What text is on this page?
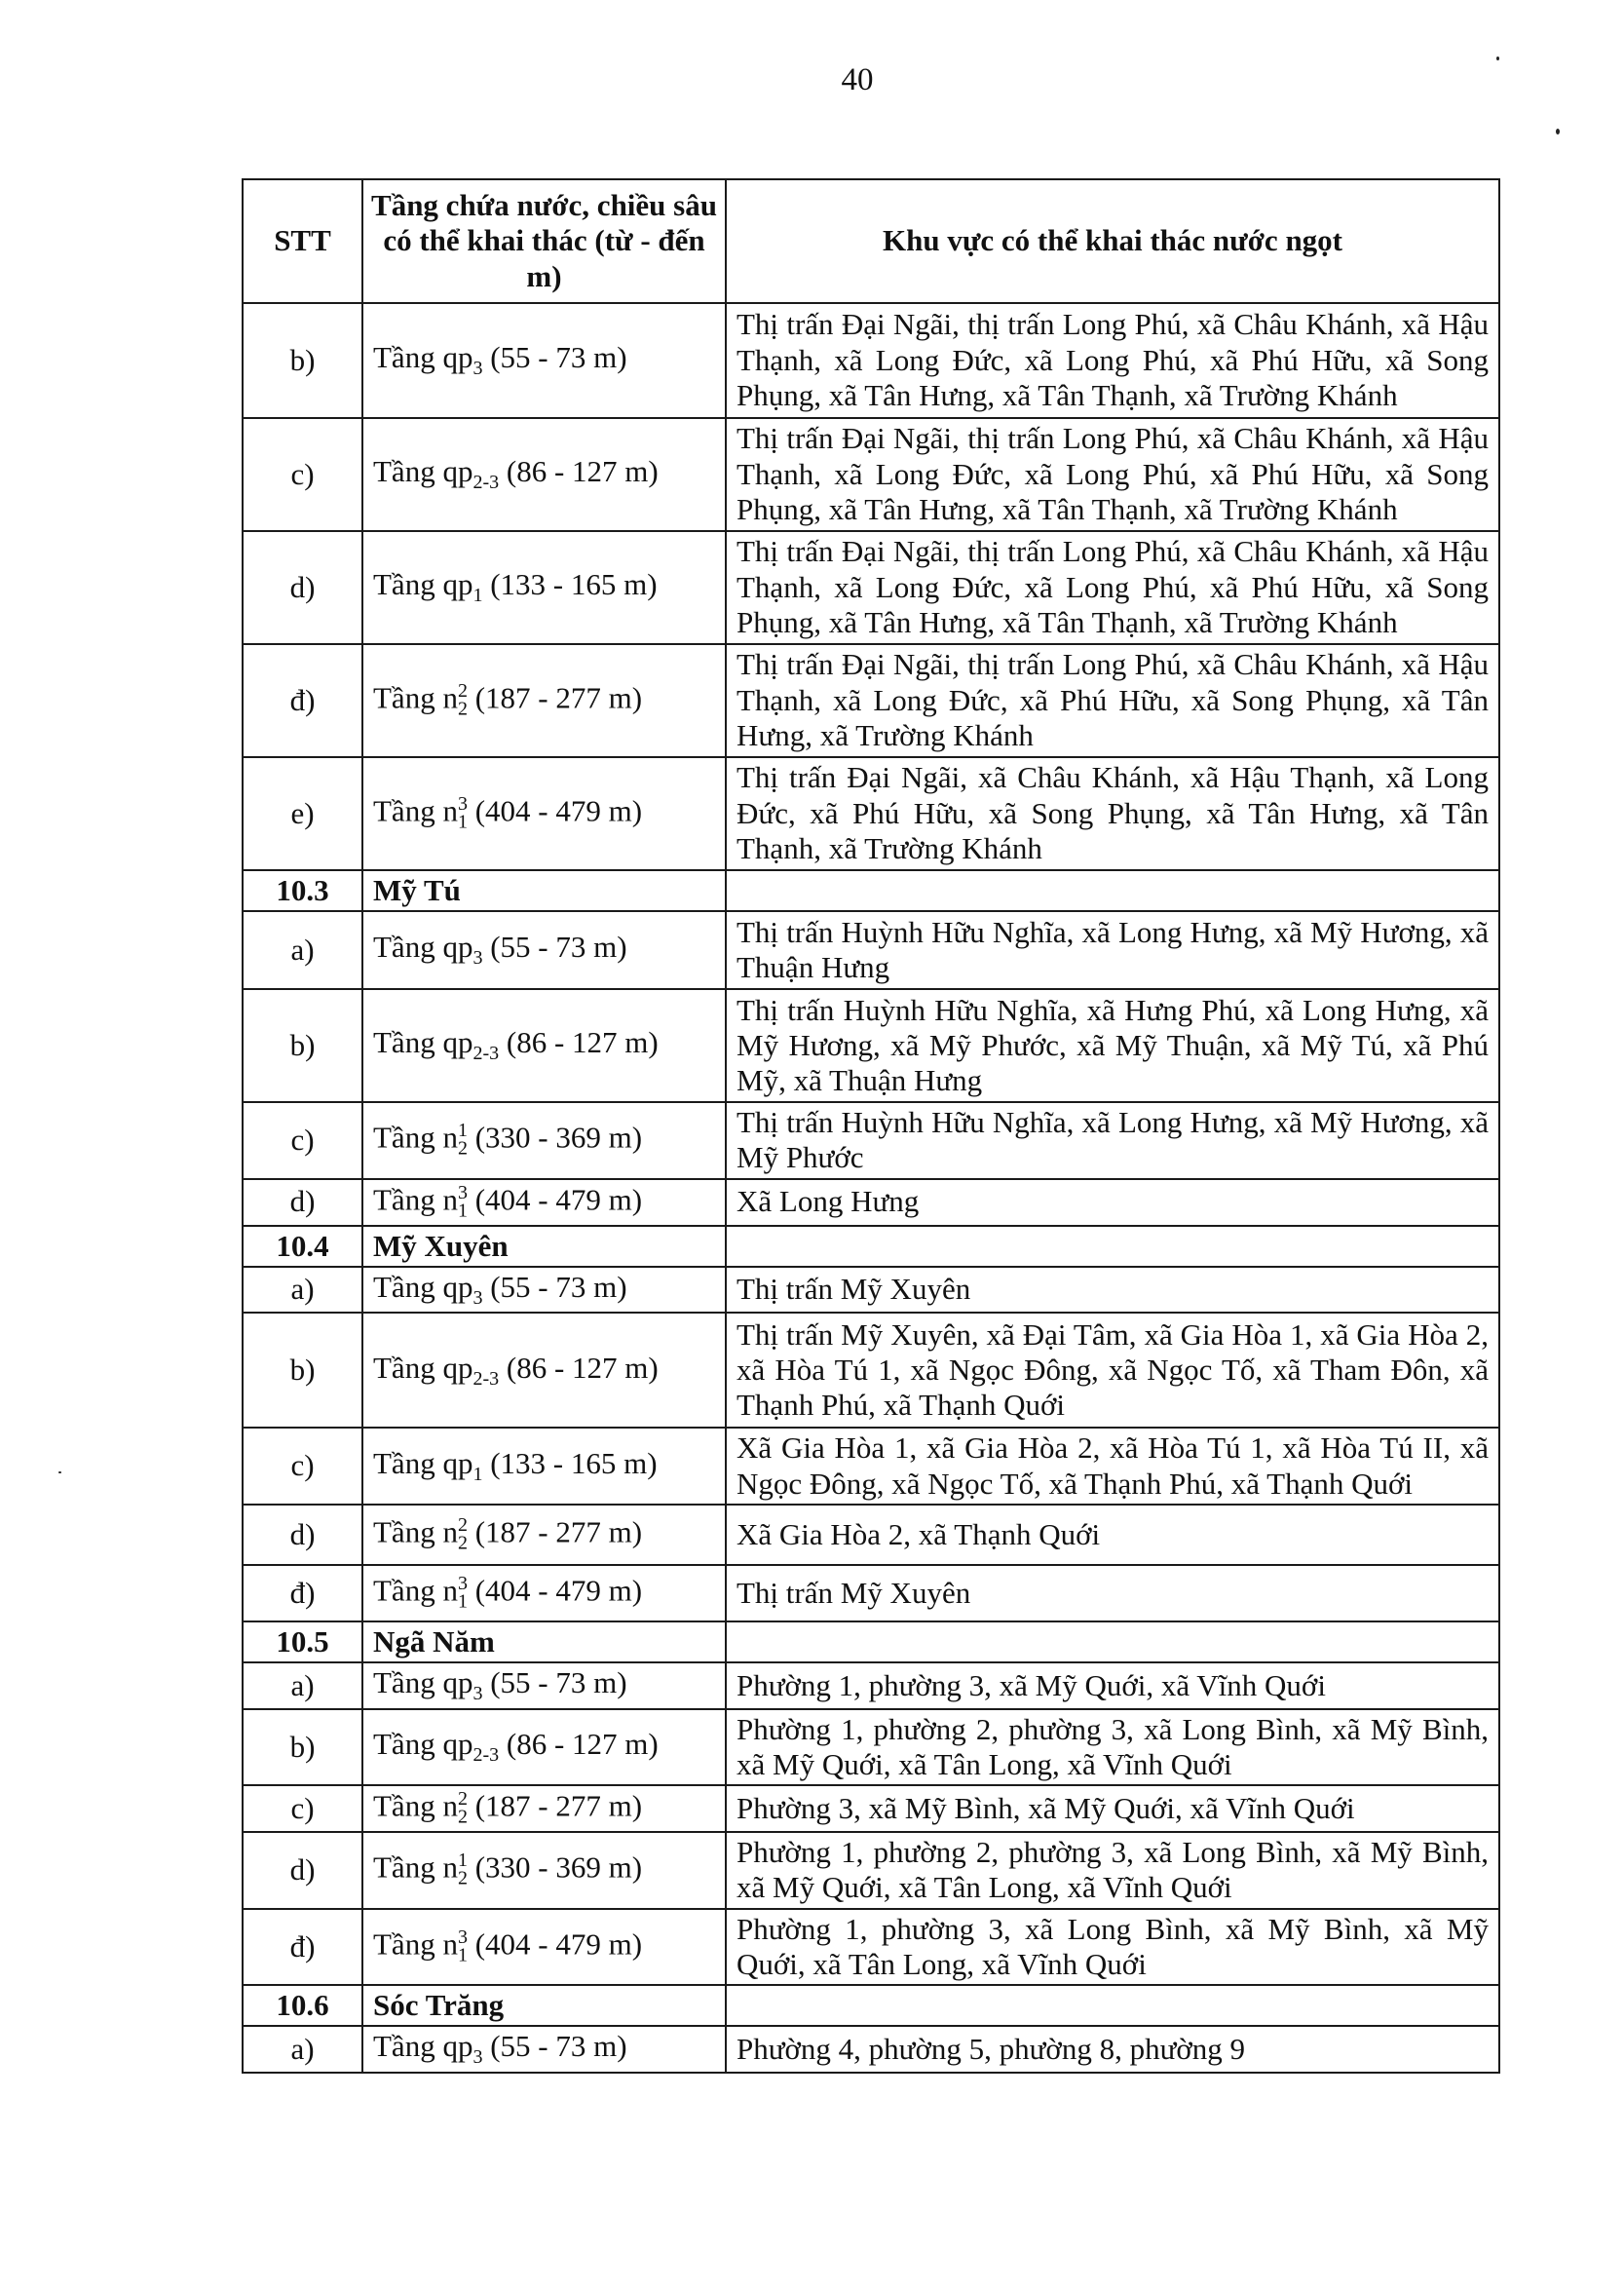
40
STT	Tầng chứa nước, chiều sâu có thể khai thác (từ - đến m)	Khu vực có thể khai thác nước ngọt
b)	Tầng $qp_3$ (55 - 73 m)	Thị trấn Đại Ngãi, thị trấn Long Phú, xã Châu Khánh, xã Hậu Thạnh, xã Long Đức, xã Long Phú, xã Phú Hữu, xã Song Phụng, xã Tân Hưng, xã Tân Thạnh, xã Trường Khánh
c)	Tầng $qp_{2-3}$ (86 - 127 m)	Thị trấn Đại Ngãi, thị trấn Long Phú, xã Châu Khánh, xã Hậu Thạnh, xã Long Đức, xã Long Phú, xã Phú Hữu, xã Song Phụng, xã Tân Hưng, xã Tân Thạnh, xã Trường Khánh
d)	Tầng $qp_1$ (133 - 165 m)	Thị trấn Đại Ngãi, thị trấn Long Phú, xã Châu Khánh, xã Hậu Thạnh, xã Long Đức, xã Long Phú, xã Phú Hữu, xã Song Phụng, xã Tân Hưng, xã Tân Thạnh, xã Trường Khánh
đ)	Tầng $n_2^2$ (187 - 277 m)	Thị trấn Đại Ngãi, thị trấn Long Phú, xã Châu Khánh, xã Hậu Thạnh, xã Long Đức, xã Phú Hữu, xã Song Phụng, xã Tân Hưng, xã Trường Khánh
e)	Tầng $n_1^3$ (404 - 479 m)	Thị trấn Đại Ngãi, xã Châu Khánh, xã Hậu Thạnh, xã Long Đức, xã Phú Hữu, xã Song Phụng, xã Tân Hưng, xã Tân Thạnh, xã Trường Khánh
10.3	Mỹ Tú	
a)	Tầng $qp_3$ (55 - 73 m)	Thị trấn Huỳnh Hữu Nghĩa, xã Long Hưng, xã Mỹ Hương, xã Thuận Hưng
b)	Tầng $qp_{2-3}$ (86 - 127 m)	Thị trấn Huỳnh Hữu Nghĩa, xã Hưng Phú, xã Long Hưng, xã Mỹ Hương, xã Mỹ Phước, xã Mỹ Thuận, xã Mỹ Tú, xã Phú Mỹ, xã Thuận Hưng
c)	Tầng $n_2^1$ (330 - 369 m)	Thị trấn Huỳnh Hữu Nghĩa, xã Long Hưng, xã Mỹ Hương, xã Mỹ Phước
d)	Tầng $n_1^3$ (404 - 479 m)	Xã Long Hưng
10.4	Mỹ Xuyên	
a)	Tầng $qp_3$ (55 - 73 m)	Thị trấn Mỹ Xuyên
b)	Tầng $qp_{2-3}$ (86 - 127 m)	Thị trấn Mỹ Xuyên, xã Đại Tâm, xã Gia Hòa 1, xã Gia Hòa 2, xã Hòa Tú 1, xã Ngọc Đông, xã Ngọc Tố, xã Tham Đôn, xã Thạnh Phú, xã Thạnh Quới
c)	Tầng $qp_1$ (133 - 165 m)	Xã Gia Hòa 1, xã Gia Hòa 2, xã Hòa Tú 1, xã Hòa Tú II, xã Ngọc Đông, xã Ngọc Tố, xã Thạnh Phú, xã Thạnh Quới
d)	Tầng $n_2^2$ (187 - 277 m)	Xã Gia Hòa 2, xã Thạnh Quới
đ)	Tầng $n_1^3$ (404 - 479 m)	Thị trấn Mỹ Xuyên
10.5	Ngã Năm	
a)	Tầng $qp_3$ (55 - 73 m)	Phường 1, phường 3, xã Mỹ Quới, xã Vĩnh Quới
b)	Tầng $qp_{2-3}$ (86 - 127 m)	Phường 1, phường 2, phường 3, xã Long Bình, xã Mỹ Bình, xã Mỹ Quới, xã Tân Long, xã Vĩnh Quới
c)	Tầng $n_2^2$ (187 - 277 m)	Phường 3, xã Mỹ Bình, xã Mỹ Quới, xã Vĩnh Quới
d)	Tầng $n_2^1$ (330 - 369 m)	Phường 1, phường 2, phường 3, xã Long Bình, xã Mỹ Bình, xã Mỹ Quới, xã Tân Long, xã Vĩnh Quới
đ)	Tầng $n_1^3$ (404 - 479 m)	Phường 1, phường 3, xã Long Bình, xã Mỹ Bình, xã Mỹ Quới, xã Tân Long, xã Vĩnh Quới
10.6	Sóc Trăng	
a)	Tầng $qp_3$ (55 - 73 m)	Phường 4, phường 5, phường 8, phường 9
